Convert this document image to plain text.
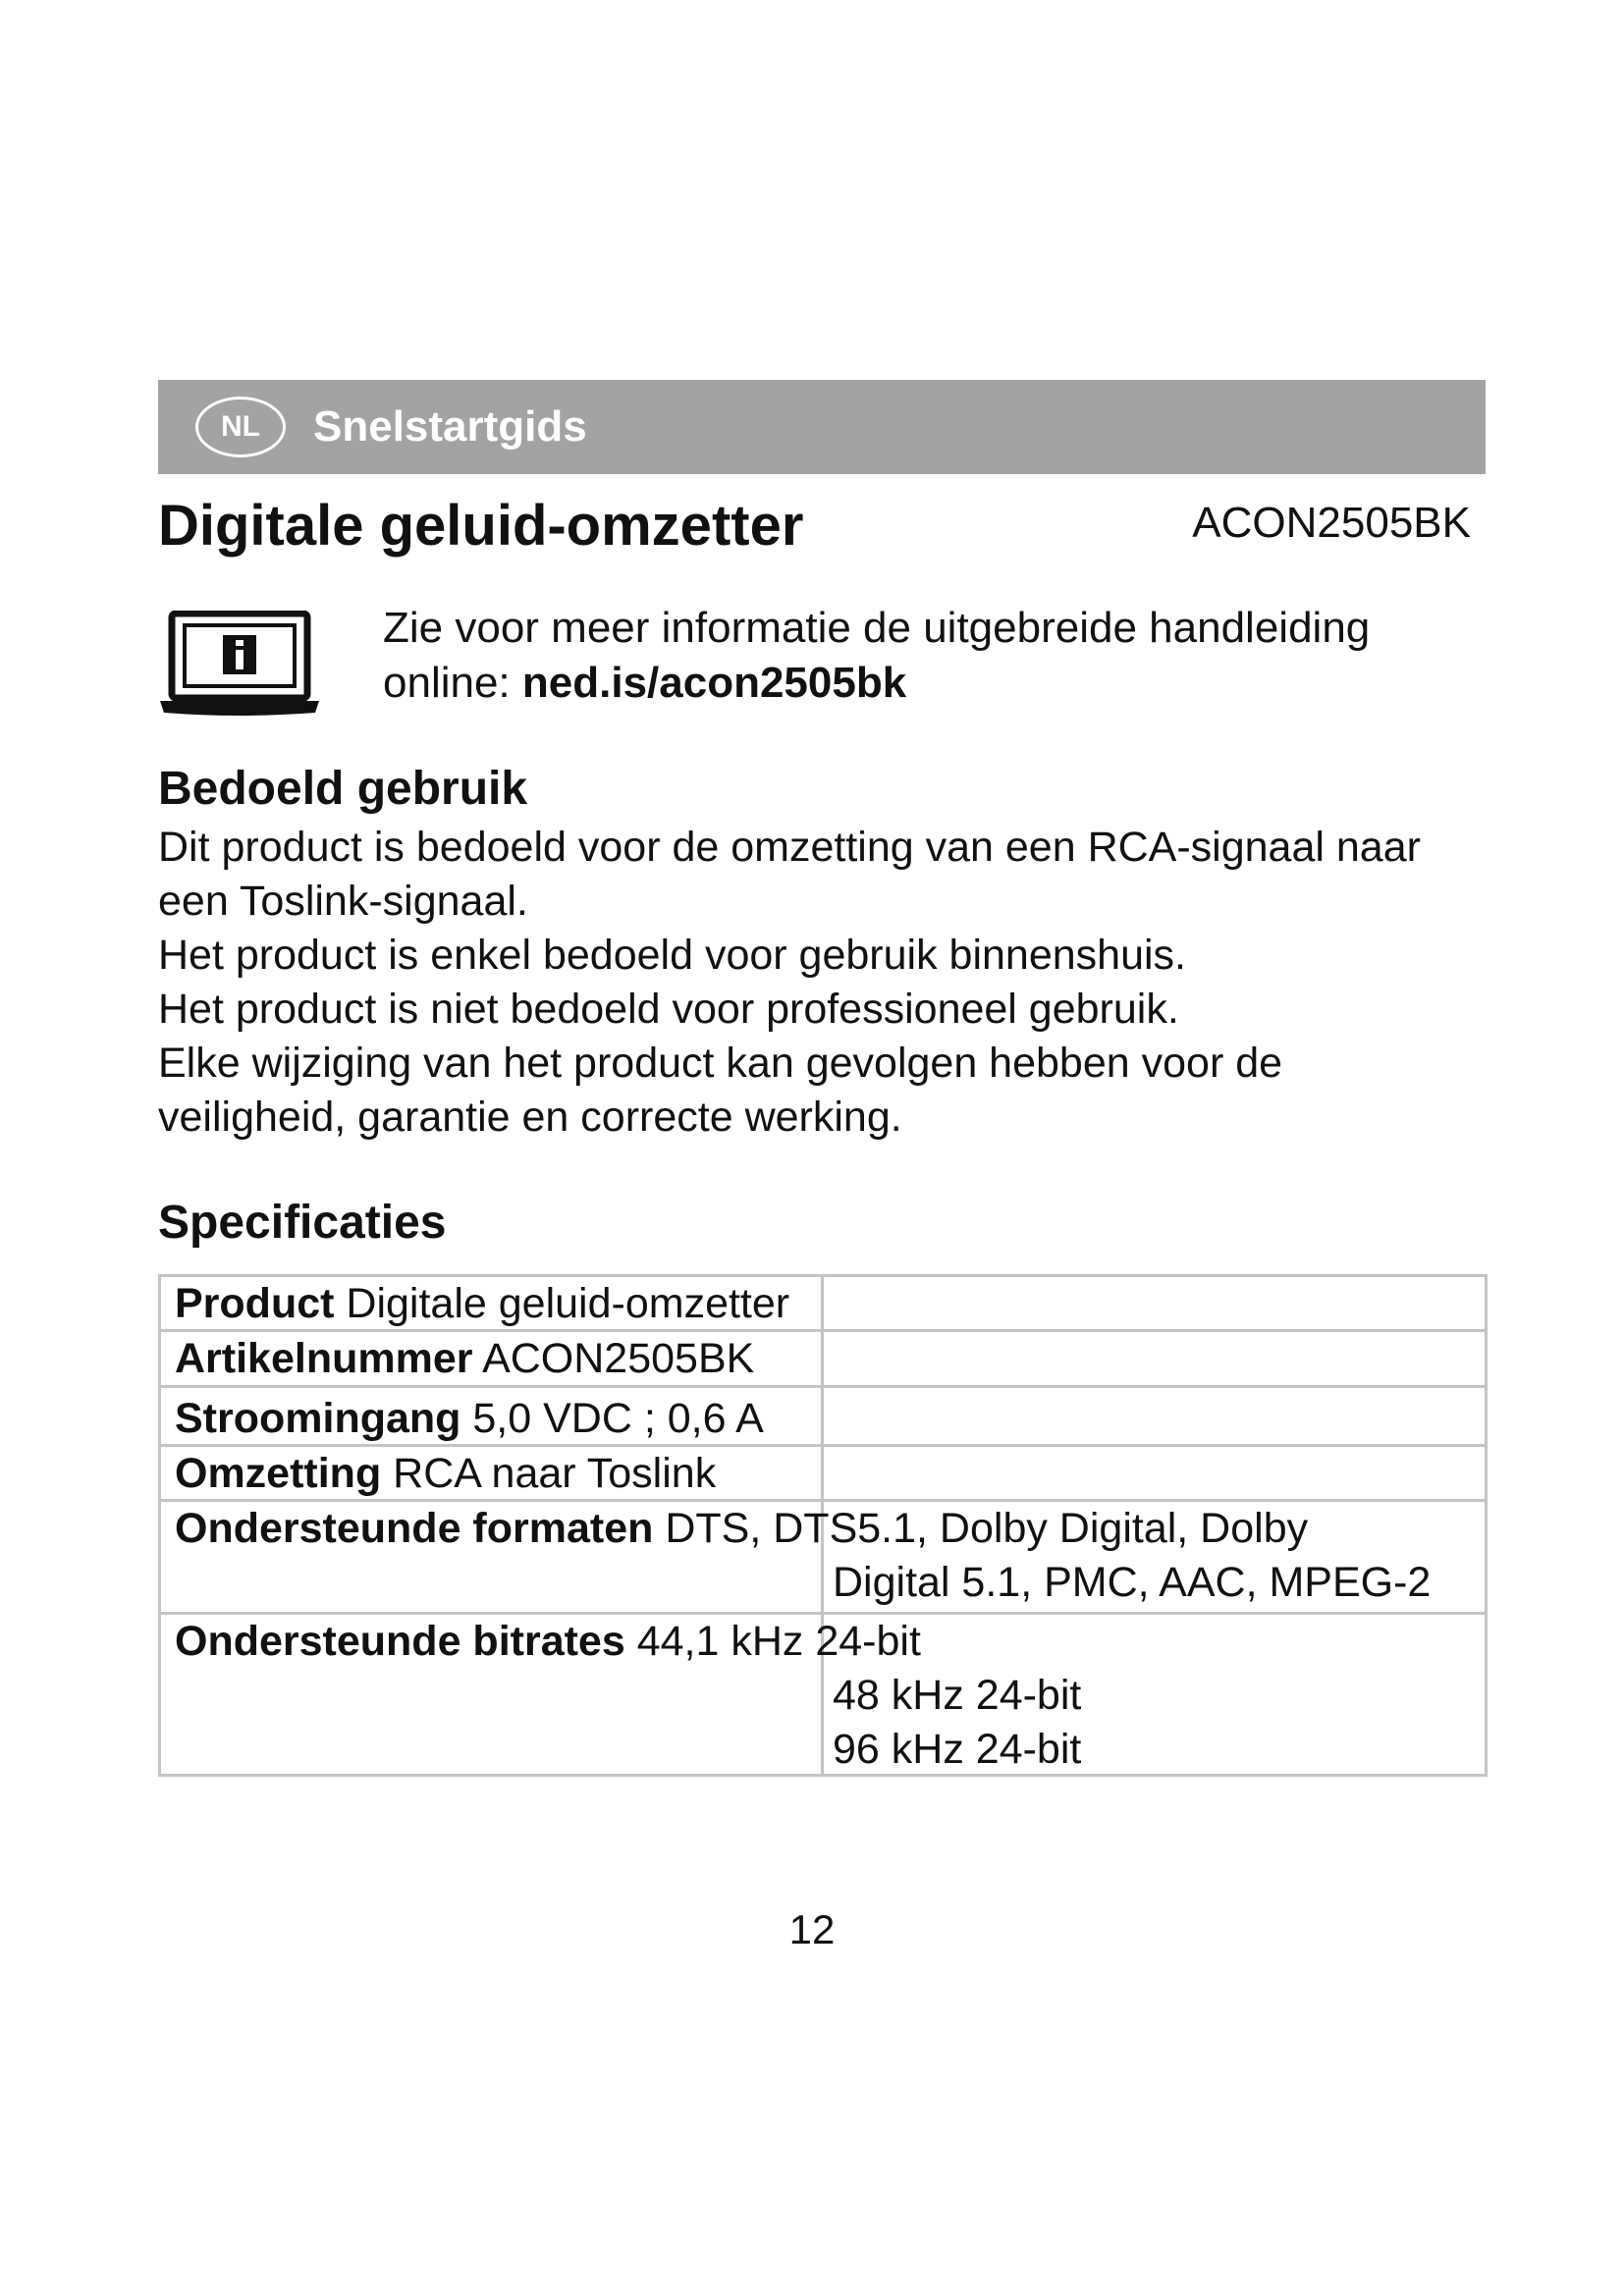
NL	Snelstartgids
Digitale geluid-omzetter	ACON2505BK
Zie voor meer informatie de uitgebreide handleiding
online: ned.is/acon2505bk
Bedoeld gebruik

Dit product is bedoeld voor de omzetting van een RCA-signaal naar

een Toslink-signaal.

Het product is enkel bedoeld voor gebruik binnenshuis.

Het product is niet bedoeld voor professioneel gebruik.

Elke wijziging van het product kan gevolgen hebben voor de

veiligheid, garantie en correcte werking.

Specificaties
Product Digitale geluid-omzetter
Artikelnummer ACON2505BK
Stroomingang 5,0 VDC ; 0,6 A
Omzetting RCA naar Toslink
Ondersteunde formaten DTS, DTS5.1, Dolby Digital, Dolby
Digital 5.1, PMC, AAC, MPEG-2
Ondersteunde bitrates 44,1 kHz 24-bit
48 kHz 24-bit
96 kHz 24-bit
12
